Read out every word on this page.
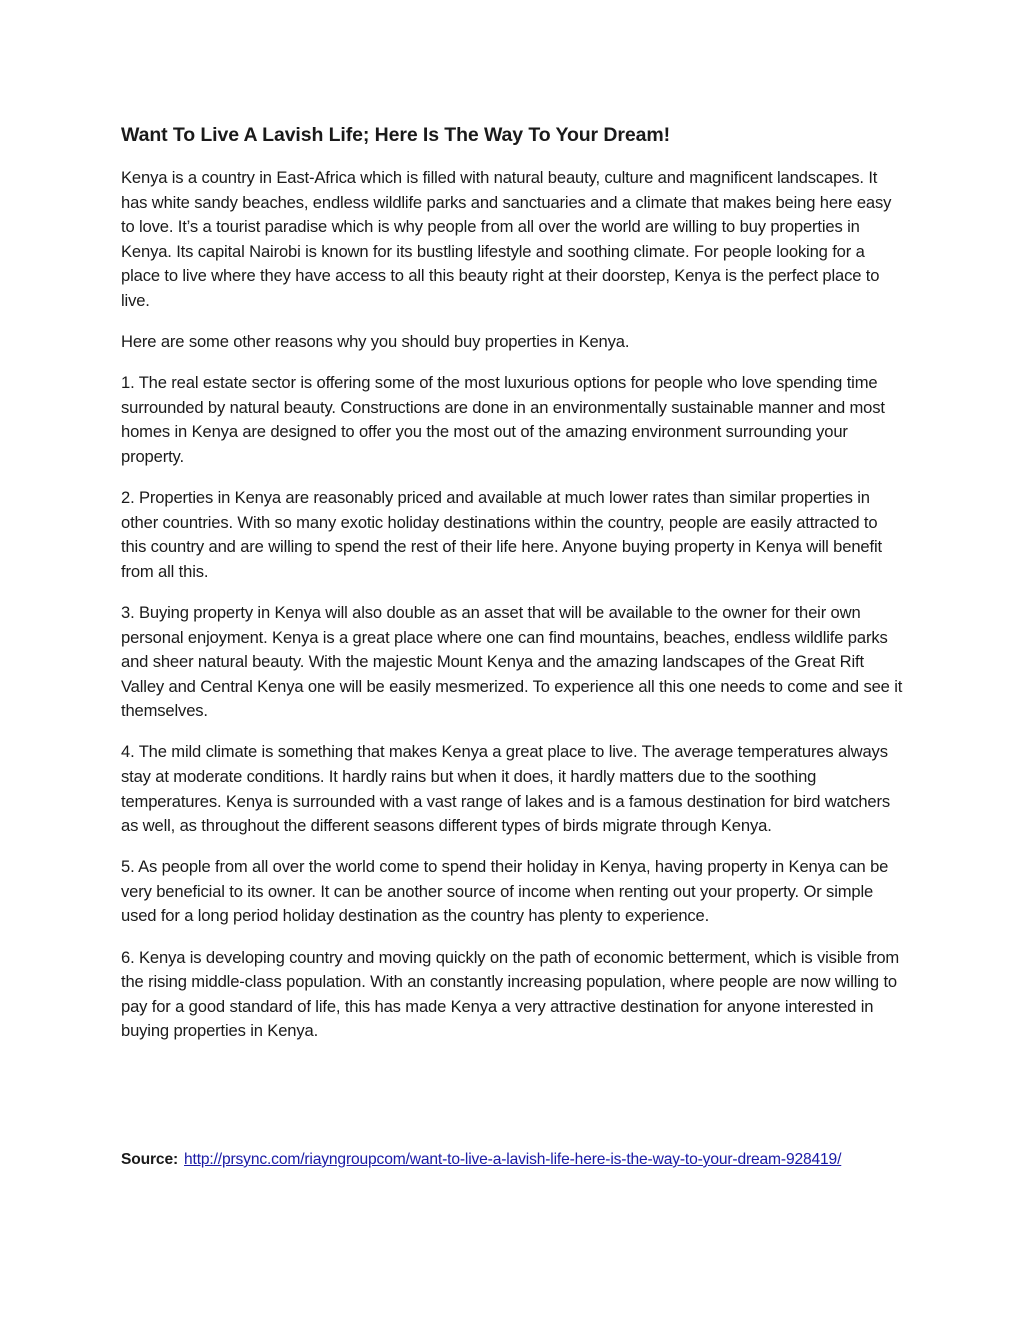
Want To Live A Lavish Life; Here Is The Way To Your Dream!

Kenya is a country in East-Africa which is filled with natural beauty, culture and magnificent landscapes. It has white sandy beaches, endless wildlife parks and sanctuaries and a climate that makes being here easy to love. It’s a tourist paradise which is why people from all over the world are willing to buy properties in Kenya. Its capital Nairobi is known for its bustling lifestyle and soothing climate. For people looking for a place to live where they have access to all this beauty right at their doorstep, Kenya is the perfect place to live.

Here are some other reasons why you should buy properties in Kenya.

1. The real estate sector is offering some of the most luxurious options for people who love spending time surrounded by natural beauty. Constructions are done in an environmentally sustainable manner and most homes in Kenya are designed to offer you the most out of the amazing environment surrounding your property.

2. Properties in Kenya are reasonably priced and available at much lower rates than similar properties in other countries. With so many exotic holiday destinations within the country, people are easily attracted to this country and are willing to spend the rest of their life here. Anyone buying property in Kenya will benefit from all this.

3. Buying property in Kenya will also double as an asset that will be available to the owner for their own personal enjoyment. Kenya is a great place where one can find mountains, beaches, endless wildlife parks and sheer natural beauty. With the majestic Mount Kenya and the amazing landscapes of the Great Rift Valley and Central Kenya one will be easily mesmerized. To experience all this one needs to come and see it themselves.

4. The mild climate is something that makes Kenya a great place to live. The average temperatures always stay at moderate conditions. It hardly rains but when it does, it hardly matters due to the soothing temperatures. Kenya is surrounded with a vast range of lakes and is a famous destination for bird watchers as well, as throughout the different seasons different types of birds migrate through Kenya.

5. As people from all over the world come to spend their holiday in Kenya, having property in Kenya can be very beneficial to its owner. It can be another source of income when renting out your property. Or simple used for a long period holiday destination as the country has plenty to experience.

6. Kenya is developing country and moving quickly on the path of economic betterment, which is visible from the rising middle-class population. With an constantly increasing population, where people are now willing to pay for a good standard of life, this has made Kenya a very attractive destination for anyone interested in buying properties in Kenya.

Source: http://prsync.com/riayngroupcom/want-to-live-a-lavish-life-here-is-the-way-to-your-dream-928419/
